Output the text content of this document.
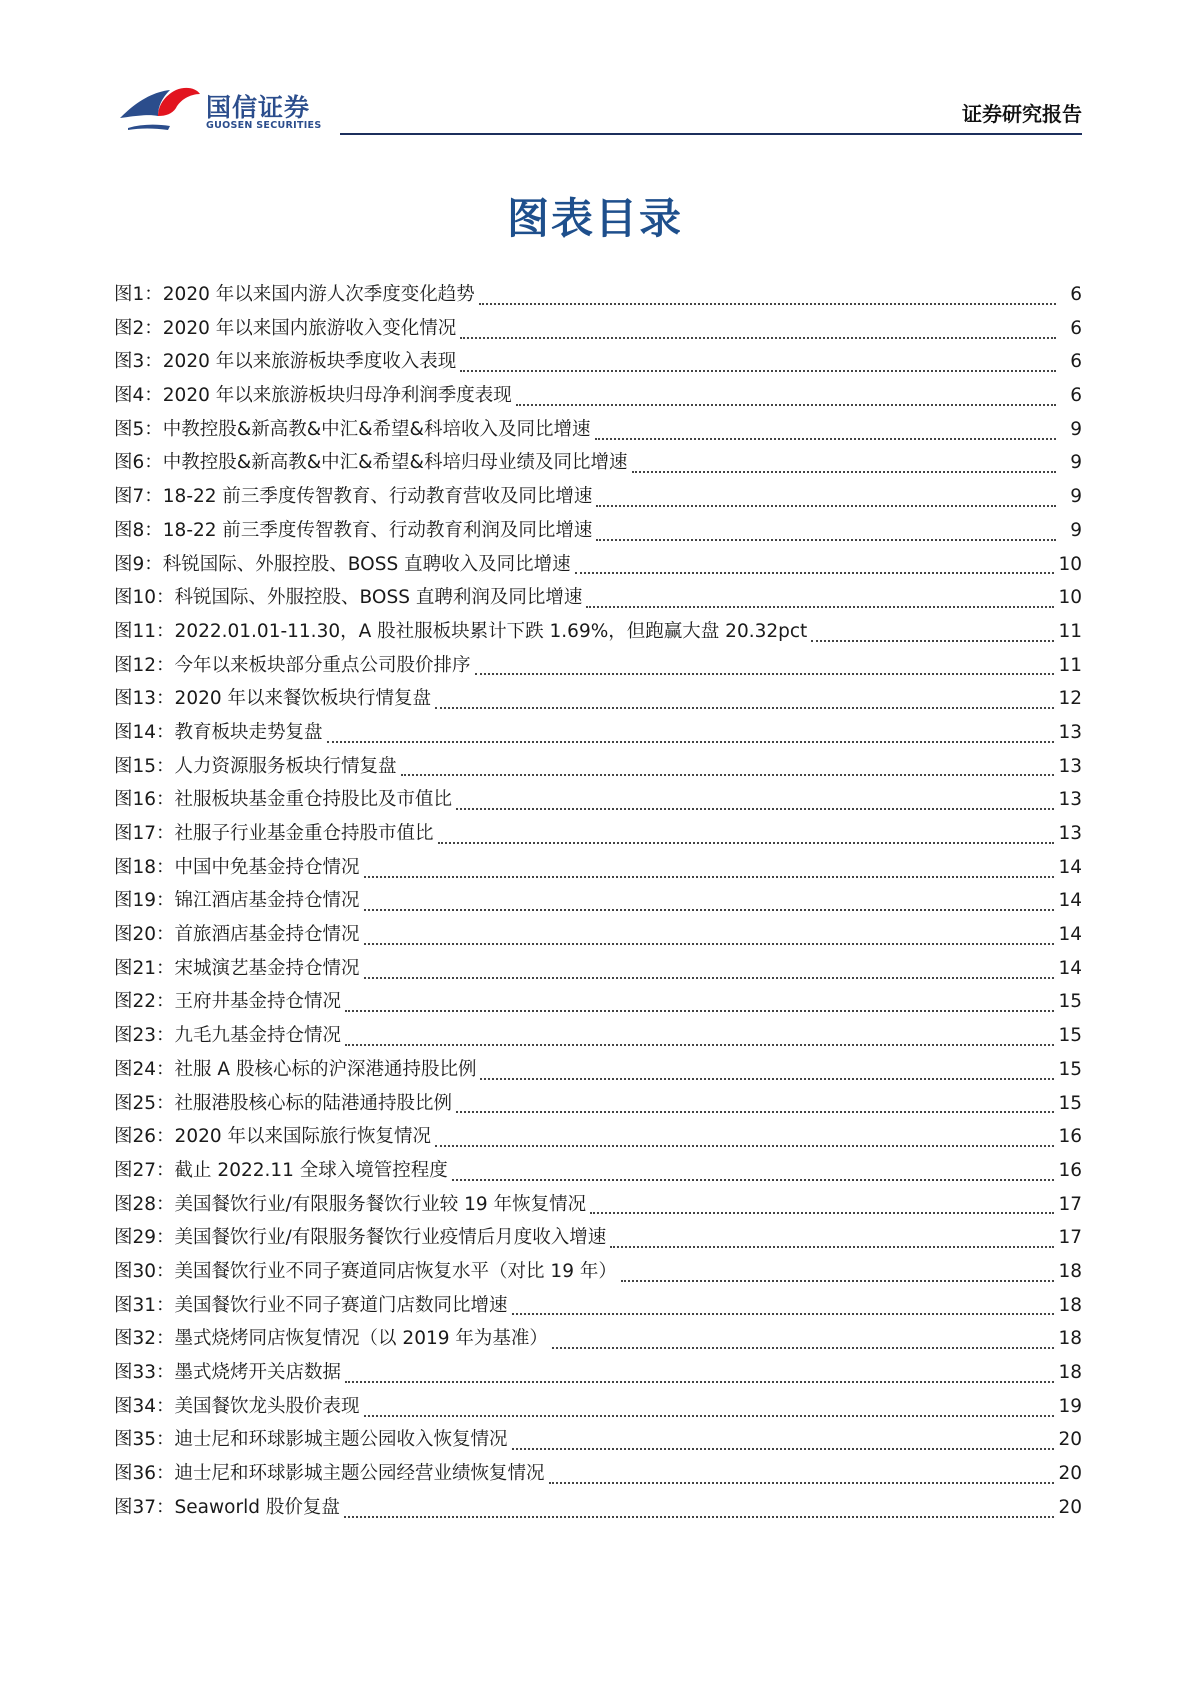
国信证券
GUOSEN SECURITIES	证券研究报告
图表目录
图1： 2020 年以来国内游人次季度变化趋势	6
图2： 2020 年以来国内旅游收入变化情况	6
图3： 2020 年以来旅游板块季度收入表现	6
图4： 2020 年以来旅游板块归母净利润季度表现	6
图5： 中教控股&新高教&中汇&希望&科培收入及同比增速	9
图6： 中教控股&新高教&中汇&希望&科培归母业绩及同比增速	9
图7： 18-22 前三季度传智教育、行动教育营收及同比增速	9
图8： 18-22 前三季度传智教育、行动教育利润及同比增速	9
图9： 科锐国际、外服控股、BOSS 直聘收入及同比增速	10
图10： 科锐国际、外服控股、BOSS 直聘利润及同比增速	10
图11： 2022.01.01-11.30，A 股社服板块累计下跌 1.69%，但跑赢大盘 20.32pct	11
图12： 今年以来板块部分重点公司股价排序	11
图13： 2020 年以来餐饮板块行情复盘	12
图14： 教育板块走势复盘	13
图15： 人力资源服务板块行情复盘	13
图16： 社服板块基金重仓持股比及市值比	13
图17： 社服子行业基金重仓持股市值比	13
图18： 中国中免基金持仓情况	14
图19： 锦江酒店基金持仓情况	14
图20： 首旅酒店基金持仓情况	14
图21： 宋城演艺基金持仓情况	14
图22： 王府井基金持仓情况	15
图23： 九毛九基金持仓情况	15
图24： 社服 A 股核心标的沪深港通持股比例	15
图25： 社服港股核心标的陆港通持股比例	15
图26： 2020 年以来国际旅行恢复情况	16
图27： 截止 2022.11 全球入境管控程度	16
图28： 美国餐饮行业/有限服务餐饮行业较 19 年恢复情况	17
图29： 美国餐饮行业/有限服务餐饮行业疫情后月度收入增速	17
图30： 美国餐饮行业不同子赛道同店恢复水平（对比 19 年）	18
图31： 美国餐饮行业不同子赛道门店数同比增速	18
图32： 墨式烧烤同店恢复情况（以 2019 年为基准）	18
图33： 墨式烧烤开关店数据	18
图34： 美国餐饮龙头股价表现	19
图35： 迪士尼和环球影城主题公园收入恢复情况	20
图36： 迪士尼和环球影城主题公园经营业绩恢复情况	20
图37： Seaworld 股价复盘	20
